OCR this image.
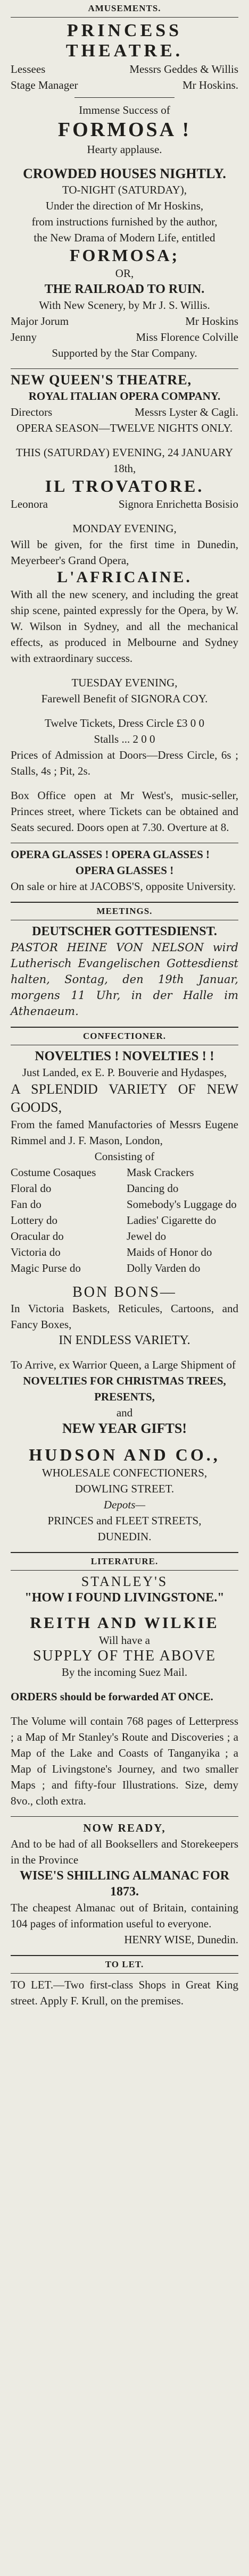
AMUSEMENTS.
PRINCESS THEATRE.
Lessees	Messrs Geddes & Willis
Stage Manager	Mr Hoskins.
Immense Success of
FORMOSA !
Hearty applause.
CROWDED HOUSES NIGHTLY.
TO-NIGHT (SATURDAY),
Under the direction of Mr Hoskins,
from instructions furnished by the author,
the New Drama of Modern Life, entitled
FORMOSA;
OR,
THE RAILROAD TO RUIN.
With New Scenery, by Mr J. S. Willis.
Major Jorum	Mr Hoskins
Jenny	Miss Florence Colville
Supported by the Star Company.
NEW QUEEN'S THEATRE,
ROYAL ITALIAN OPERA COMPANY.
Directors	Messrs Lyster & Cagli.
OPERA SEASON—TWELVE NIGHTS ONLY.
THIS (SATURDAY) EVENING, 24 JANUARY 18th,
IL TROVATORE.
Leonora	Signora Enrichetta Bosisio
MONDAY EVENING,
Will be given, for the first time in Dunedin, Meyerbeer's Grand Opera,
L'AFRICAINE.
With all the new scenery, and including the great ship scene, painted expressly for the Opera, by W. W. Wilson in Sydney, and all the mechanical effects, as produced in Melbourne and Sydney with extraordinary success.
TUESDAY EVENING,
Farewell Benefit of SIGNORA COY.
Twelve Tickets, Dress Circle £3 0 0
Stalls ... 2 0 0
Prices of Admission at Doors—Dress Circle, 6s ; Stalls, 4s ; Pit, 2s.
Box Office open at Mr West's, music-seller, Princes street, where Tickets can be obtained and Seats secured. Doors open at 7.30. Overture at 8.
OPERA GLASSES ! OPERA GLASSES !
OPERA GLASSES !
On sale or hire at JACOBS'S, opposite University.
MEETINGS.
DEUTSCHER GOTTESDIENST.
PASTOR HEINE VON NELSON wird Lutherisch Evangelischen Gottesdienst halten, Sontag, den 19th Januar, morgens 11 Uhr, in der Halle im Athenaeum.
CONFECTIONER.
NOVELTIES ! NOVELTIES ! !
Just Landed, ex E. P. Bouverie and Hydaspes,
A SPLENDID VARIETY OF NEW GOODS,
From the famed Manufactories of Messrs Eugene Rimmel and J. F. Mason, London,
Consisting of
Costume Cosaques	Mask Crackers
Floral do	Dancing do
Fan do	Somebody's Luggage do
Lottery do	Ladies' Cigarette do
Oracular do	Jewel do
Victoria do	Maids of Honor do
Magic Purse do	Dolly Varden do
BON BONS—
In Victoria Baskets, Reticules, Cartoons, and Fancy Boxes,
IN ENDLESS VARIETY.
To Arrive, ex Warrior Queen, a Large Shipment of
NOVELTIES FOR CHRISTMAS TREES, PRESENTS,
and
NEW YEAR GIFTS!
HUDSON AND CO.,
WHOLESALE CONFECTIONERS,
DOWLING STREET.
Depots—
PRINCES and FLEET STREETS,
DUNEDIN.
LITERATURE.
STANLEY'S
"HOW I FOUND LIVINGSTONE."
REITH AND WILKIE
Will have a
SUPPLY OF THE ABOVE
By the incoming Suez Mail.
ORDERS should be forwarded AT ONCE.
The Volume will contain 768 pages of Letterpress ; a Map of Mr Stanley's Route and Discoveries ; a Map of the Lake and Coasts of Tanganyika ; a Map of Livingstone's Journey, and two smaller Maps ; and fifty-four Illustrations. Size, demy 8vo., cloth extra.
NOW READY,
And to be had of all Booksellers and Storekeepers in the Province
WISE'S SHILLING ALMANAC FOR 1873.
The cheapest Almanac out of Britain, containing 104 pages of information useful to everyone.
HENRY WISE, Dunedin.
TO LET.
TO LET.—Two first-class Shops in Great King street. Apply F. Krull, on the premises.
